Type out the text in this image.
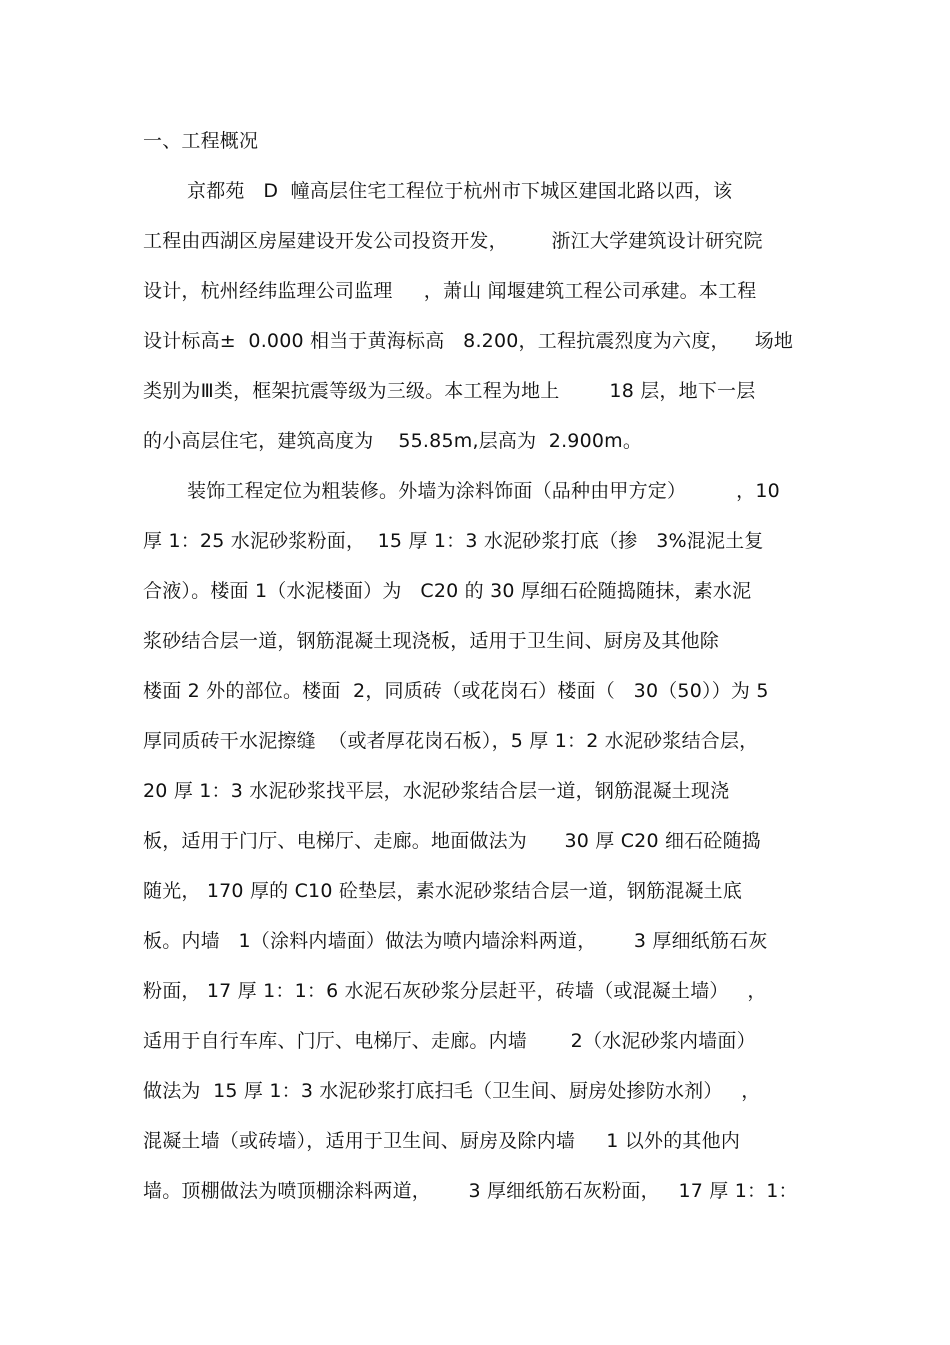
一、工程概况
京都苑   D  幢高层住宅工程位于杭州市下城区建国北路以西，该
工程由西湖区房屋建设开发公司投资开发，       浙江大学建筑设计研究院
设计，杭州经纬监理公司监理     ，萧山 闻堰建筑工程公司承建。本工程
设计标高±  0.000 相当于黄海标高   8.200，工程抗震烈度为六度，    场地
类别为Ⅲ类，框架抗震等级为三级。本工程为地上        18 层，地下一层
的小高层住宅，建筑高度为    55.85m,层高为  2.900m。
装饰工程定位为粗装修。外墙为涂料饰面（品种由甲方定）        ，10
厚 1：25 水泥砂浆粉面，  15 厚 1：3 水泥砂浆打底（掺   3%混泥土复
合液）。楼面 1（水泥楼面）为   C20 的 30 厚细石砼随捣随抹，素水泥
浆砂结合层一道，钢筋混凝土现浇板，适用于卫生间、厨房及其他除
楼面 2 外的部位。楼面  2，同质砖（或花岗石）楼面（   30（50））为 5
厚同质砖干水泥擦缝  （或者厚花岗石板），5 厚 1：2 水泥砂浆结合层，
20 厚 1：3 水泥砂浆找平层，水泥砂浆结合层一道，钢筋混凝土现浇
板，适用于门厅、电梯厅、走廊。地面做法为      30 厚 C20 细石砼随捣
随光， 170 厚的 C10 砼垫层，素水泥砂浆结合层一道，钢筋混凝土底
板。内墙   1（涂料内墙面）做法为喷内墙涂料两道，      3 厚细纸筋石灰
粉面， 17 厚 1：1：6 水泥石灰砂浆分层赶平，砖墙（或混凝土墙）   ，
适用于自行车库、门厅、电梯厅、走廊。内墙       2（水泥砂浆内墙面）
做法为  15 厚 1：3 水泥砂浆打底扫毛（卫生间、厨房处掺防水剂）   ，
混凝土墙（或砖墙），适用于卫生间、厨房及除内墙     1 以外的其他内
墙。顶棚做法为喷顶棚涂料两道，      3 厚细纸筋石灰粉面，   17 厚 1：1：
